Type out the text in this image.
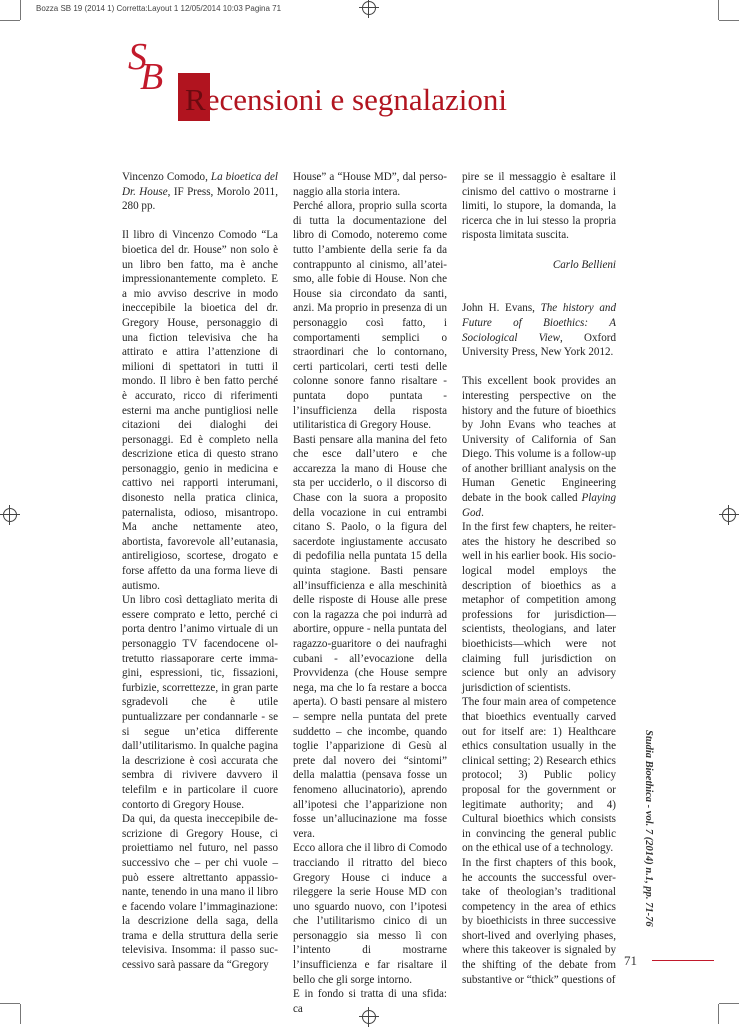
Bozza SB 19 (2014 1) Corretta:Layout 1 12/05/2014 10:03 Pagina 71
S
B
Recensioni e segnalazioni

Vincenzo Comodo, La bioetica del Dr. House, IF Press, Morolo 2011, 280 pp.

Il libro di Vincenzo Comodo “La bioetica del dr. House” non solo è un libro ben fatto, ma è anche impressionantemente completo. E a mio avviso descrive in modo ineccepibile la bioetica del dr. Gregory House, personaggio di una fiction televisiva che ha attirato e attira l’attenzione di milioni di spettatori in tutti il mondo. Il libro è ben fatto perché è accurato, ricco di riferimenti esterni ma anche puntigliosi nelle citazioni dei dialoghi dei personaggi. Ed è completo nella descrizione etica di questo strano personaggio, genio in medicina e cattivo nei rapporti interumani, disonesto nella pratica clinica, paternalista, odioso, misantropo. Ma anche nettamente ateo, abortista, favorevole all’eutanasia, antireligioso, scortese, drogato e forse affetto da una forma lieve di autismo.

Un libro così dettagliato merita di essere comprato e letto, perché ci porta dentro l’animo virtuale di un personaggio TV facendocene oltretutto riassaporare certe immagini, espressioni, tic, fissazioni, furbizie, scorrettezze, in gran parte sgradevoli che è utile puntualizzare per condannarle - se si segue un’etica differente dall’utilitarismo. In qualche pagina la descrizione è così accurata che sembra di rivivere davvero il telefilm e in particolare il cuore contorto di Gregory House.

Da qui, da questa ineccepibile descrizione di Gregory House, ci proiettiamo nel futuro, nel passo successivo che – per chi vuole – può essere altrettanto appassionante, tenendo in una mano il libro e facendo volare l’immaginazione: la descrizione della saga, della trama e della struttura della serie televisiva. Insomma: il passo successivo sarà passare da “Gregory

House” a “House MD”, dal personaggio alla storia intera.

Perché allora, proprio sulla scorta di tutta la documentazione del libro di Comodo, noteremo come tutto l’ambiente della serie fa da contrappunto al cinismo, all’ateismo, alle fobie di House. Non che House sia circondato da santi, anzi. Ma proprio in presenza di un personaggio così fatto, i comportamenti semplici o straordinari che lo contornano, certi particolari, certi testi delle colonne sonore fanno risaltare - puntata dopo puntata - l’insufficienza della risposta utilitaristica di Gregory House.

Basti pensare alla manina del feto che esce dall’utero e che accarezza la mano di House che sta per ucciderlo, o il discorso di Chase con la suora a proposito della vocazione in cui entrambi citano S. Paolo, o la figura del sacerdote ingiustamente accusato di pedofilia nella puntata 15 della quinta stagione. Basti pensare all’insufficienza e alla meschinità delle risposte di House alle prese con la ragazza che poi indurrà ad abortire, oppure - nella puntata del ragazzo-guaritore o dei naufraghi cubani - all’evocazione della Provvidenza (che House sempre nega, ma che lo fa restare a bocca aperta). O basti pensare al mistero – sempre nella puntata del prete suddetto – che incombe, quando toglie l’apparizione di Gesù al prete dal novero dei “sintomi” della malattia (pensava fosse un fenomeno allucinatorio), aprendo all’ipotesi che l’apparizione non fosse un’allucinazione ma fosse vera.

Ecco allora che il libro di Comodo tracciando il ritratto del bieco Gregory House ci induce a rileggere la serie House MD con uno sguardo nuovo, con l’ipotesi che l’utilitarismo cinico di un personaggio sia messo lì con l’intento di mostrarne l’insufficienza e far risaltare il bello che gli sorge intorno.

E in fondo si tratta di una sfida: ca

pire se il messaggio è esaltare il cinismo del cattivo o mostrarne i limiti, lo stupore, la domanda, la ricerca che in lui stesso la propria risposta limitata suscita.

Carlo Bellieni

John H. Evans, The history and Future of Bioethics: A Sociological View, Oxford University Press, New York 2012.

This excellent book provides an interesting perspective on the history and the future of bioethics by John Evans who teaches at University of California of San Diego. This volume is a follow-up of another brilliant analysis on the Human Genetic Engineering debate in the book called Playing God.

In the first few chapters, he reiterates the history he described so well in his earlier book. His sociological model employs the description of bioethics as a metaphor of competition among professions for jurisdiction—scientists, theologians, and later bioethicists—which were not claiming full jurisdiction on science but only an advisory jurisdiction of scientists.

The four main area of competence that bioethics eventually carved out for itself are: 1) Healthcare ethics consultation usually in the clinical setting; 2) Research ethics protocol; 3) Public policy proposal for the government or legitimate authority; and 4) Cultural bioethics which consists in convincing the general public on the ethical use of a technology.

In the first chapters of this book, he accounts the successful overtake of theologian’s traditional competency in the area of ethics by bioethicists in three successive short-lived and overlying phases, where this takeover is signaled by the shifting of the debate from substantive or “thick” questions of

Studia Bioethica - vol. 7 (2014) n.1, pp. 71-76
71
